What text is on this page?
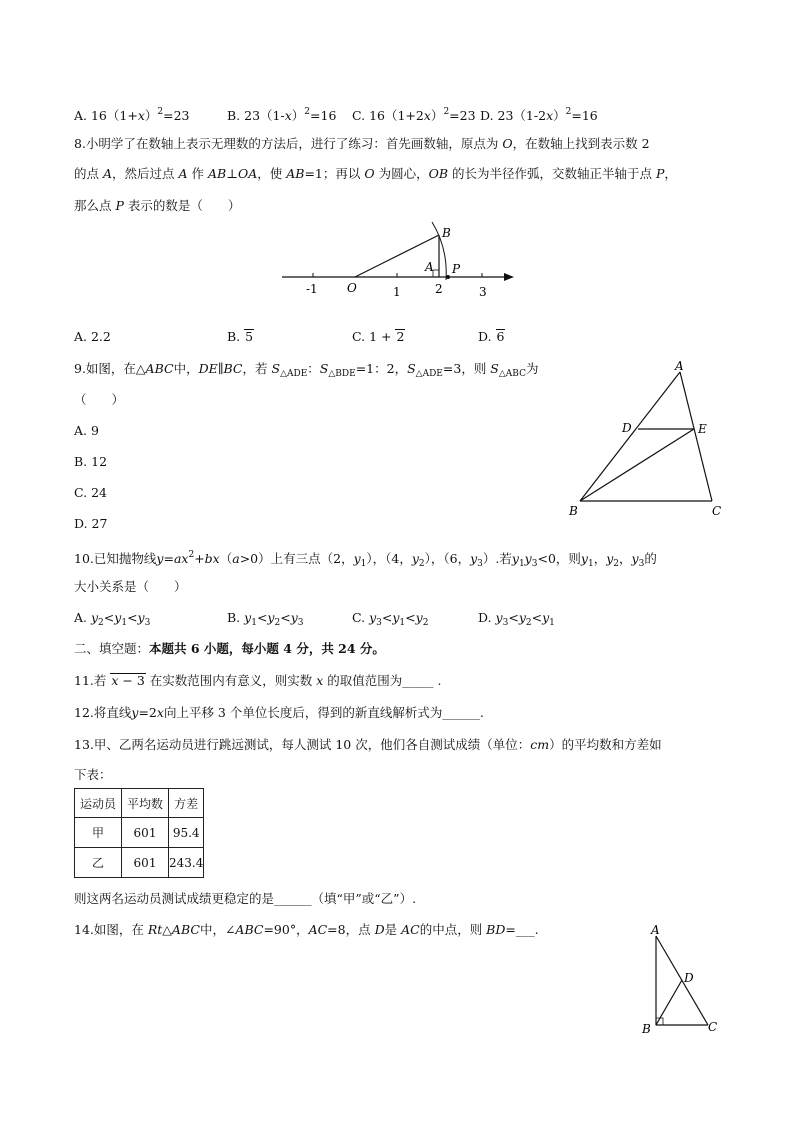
A. $16(1+x)^2=23$	B. $23(1-x)^2=16$ C. $16(1+2x)^2=23$ D. $23(1-2x)^2=16$
8.小明学了在数轴上表示无理数的方法后，进行了练习：首先画数轴，原点为 O，在数轴上找到表示数 2
的点 A，然后过点 A 作 AB⊥OA，使 AB=1；再以 O 为圆心，OB 的长为半径作弧，交数轴正半轴于点 P，
那么点 P 表示的数是（　　）
-1 O	1	2	3
A
B
P
A. 2.2	B. 5	C. 1 + 2	D. 6
9.如图，在△ABC中，DE∥BC，若 $S_{\triangle ADE}$：$S_{\triangle BDE}=1$：2，$S_{\triangle ADE}=3$，则 $S_{\triangle ABC}$为
（　　）
A. 9
B. 12
C. 24
D. 27
A
D	E
B	C
10.已知抛物线$y=ax^2+bx(a>0)$上有三点（2，$y_1$），（4，$y_2$），（6，$y_3$）.若$y_1y_3<0$，则$y_1$，$y_2$，$y_3$的
大小关系是（　　）
A. $y_2<y_1<y_3$	B. $y_1<y_2<y_3$	C. $y_3<y_1<y_2$	D. $y_3<y_2<y_1$
二、填空题：本题共 6 小题，每小题 4 分，共 24 分。
11.若 x − 3 在实数范围内有意义，则实数 x 的取值范围为_____ .
12.将直线y=2x向上平移 3 个单位长度后，得到的新直线解析式为______.
13.甲、乙两名运动员进行跳远测试，每人测试 10 次，他们各自测试成绩（单位：cm）的平均数和方差如
下表：
运动员	平均数	方差
甲	601	95.4
乙	601	243.4
则这两名运动员测试成绩更稳定的是______（填“甲”或“乙”）.
14.如图，在 Rt△ABC中，∠ABC=90°，AC=8，点 D是 AC的中点，则 BD=___.	A
D
B	C
